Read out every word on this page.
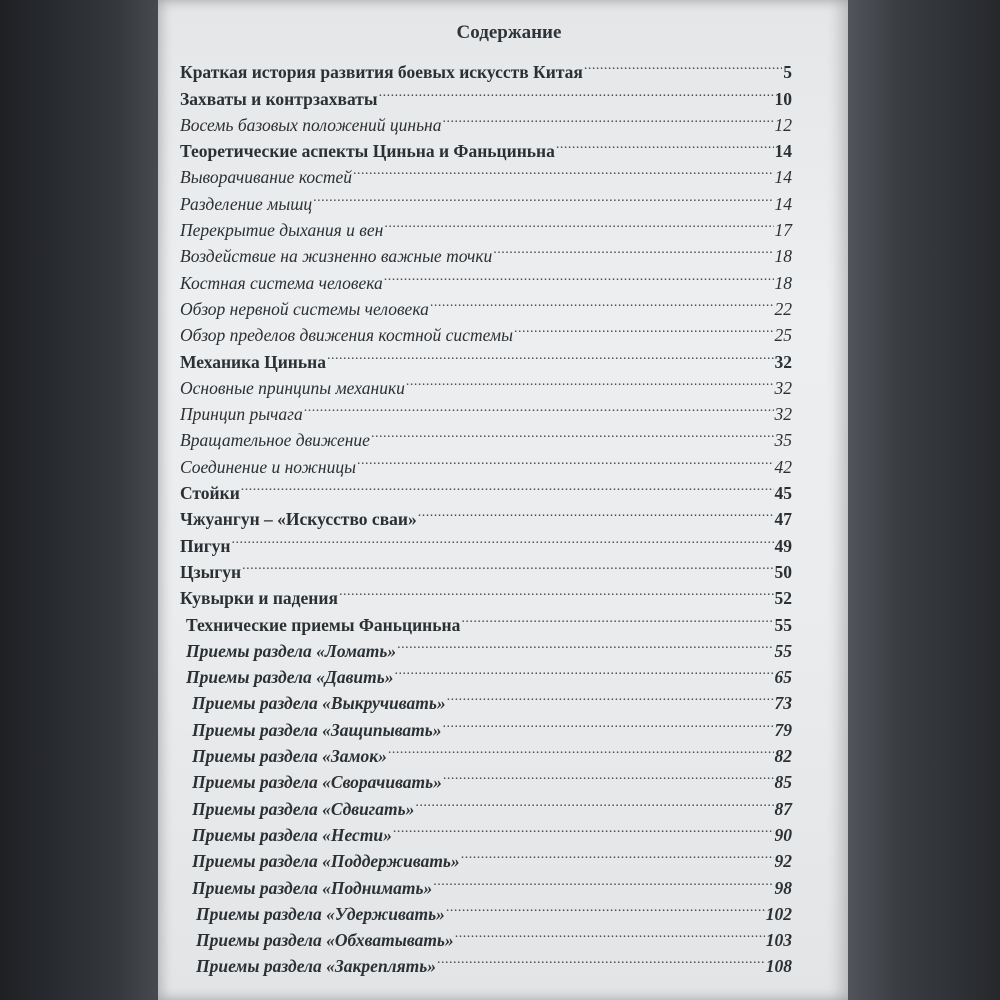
Содержание
Краткая история развития боевых искусств Китая .....	5
Захваты и контрзахваты .....	10
Восемь базовых положений циньна .....	12
Теоретические аспекты Циньна и Фаньциньна .....	14
Выворачивание костей .....	14
Разделение мышц .....	14
Перекрытие дыхания и вен .....	17
Воздействие на жизненно важные точки .....	18
Костная система человека .....	18
Обзор нервной системы человека .....	22
Обзор пределов движения костной системы .....	25
Механика Циньна .....	32
Основные принципы механики .....	32
Принцип рычага .....	32
Вращательное движение .....	35
Соединение и ножницы .....	42
Стойки .....	45
Чжуангун – «Искусство сваи» .....	47
Пигун .....	49
Цзыгун .....	50
Кувырки и падения .....	52
Технические приемы Фаньциньна .....	55
Приемы раздела «Ломать» .....	55
Приемы раздела «Давить» .....	65
Приемы раздела «Выкручивать» .....	73
Приемы раздела «Защипывать» .....	79
Приемы раздела «Замок» .....	82
Приемы раздела «Сворачивать» .....	85
Приемы раздела «Сдвигать» .....	87
Приемы раздела «Нести» .....	90
Приемы раздела «Поддерживать» .....	92
Приемы раздела «Поднимать» .....	98
Приемы раздела «Удерживать» .....	102
Приемы раздела «Обхватывать» .....	103
Приемы раздела «Закреплять» .....	108
